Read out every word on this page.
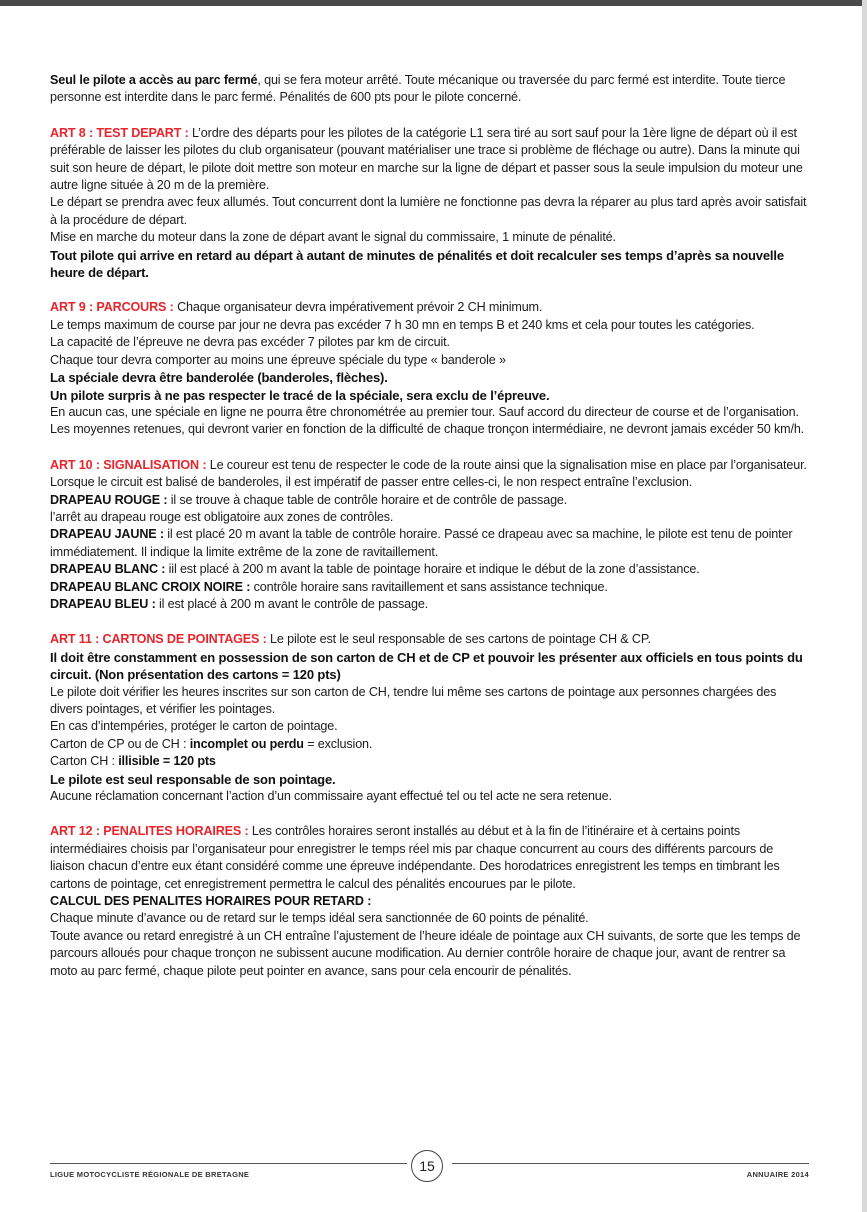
Seul le pilote a accès au parc fermé, qui se fera moteur arrêté. Toute mécanique ou traversée du parc fermé est interdite. Toute tierce personne est interdite dans le parc fermé. Pénalités de 600 pts pour le pilote concerné.

ART 8 : TEST DEPART : L’ordre des départs pour les pilotes de la catégorie L1 sera tiré au sort sauf pour la 1ère ligne de départ où il est préférable de laisser les pilotes du club organisateur (pouvant matérialiser une trace si problème de fléchage ou autre). Dans la minute qui suit son heure de départ, le pilote doit mettre son moteur en marche sur la ligne de départ et passer sous la seule impulsion du moteur une autre ligne située à 20 m de la première.

Le départ se prendra avec feux allumés. Tout concurrent dont la lumière ne fonctionne pas devra la réparer au plus tard après avoir satisfait à la procédure de départ.

Mise en marche du moteur dans la zone de départ avant le signal du commissaire, 1 minute de pénalité.

Tout pilote qui arrive en retard au départ à autant de minutes de pénalités et doit recalculer ses temps d’après sa nouvelle heure de départ.

ART 9 : PARCOURS : Chaque organisateur devra impérativement prévoir 2 CH minimum.

Le temps maximum de course par jour ne devra pas excéder 7 h 30 mn en temps B et 240 kms et cela pour toutes les catégories.

La capacité de l’épreuve ne devra pas excéder 7 pilotes par km de circuit.

Chaque tour devra comporter au moins une épreuve spéciale du type « banderole »

La spéciale devra être banderolée (banderoles, flèches).

Un pilote surpris à ne pas respecter le tracé de la spéciale, sera exclu de l’épreuve.

En aucun cas, une spéciale en ligne ne pourra être chronométrée au premier tour. Sauf accord du directeur de course et de l’organisation.

Les moyennes retenues, qui devront varier en fonction de la difficulté de chaque tronçon intermédiaire, ne devront jamais excéder 50 km/h.

ART 10 : SIGNALISATION : Le coureur est tenu de respecter le code de la route ainsi que la signalisation mise en place par l’organisateur. Lorsque le circuit est balisé de banderoles, il est impératif de passer entre celles-ci, le non respect entraîne l’exclusion.

DRAPEAU ROUGE : il se trouve à chaque table de contrôle horaire et de contrôle de passage.

l’arrêt au drapeau rouge est obligatoire aux zones de contrôles.

DRAPEAU JAUNE : il est placé 20 m avant la table de contrôle horaire. Passé ce drapeau avec sa machine, le pilote est tenu de pointer immédiatement. Il indique la limite extrême de la zone de ravitaillement.

DRAPEAU BLANC : iil est placé à 200 m avant la table de pointage horaire et indique le début de la zone d’assistance.

DRAPEAU BLANC CROIX NOIRE : contrôle horaire sans ravitaillement et sans assistance technique.

DRAPEAU BLEU : il est placé à 200 m avant le contrôle de passage.

ART 11 : CARTONS DE POINTAGES : Le pilote est le seul responsable de ses cartons de pointage CH & CP.

Il doit être constamment en possession de son carton de CH et de CP et pouvoir les présenter aux officiels en tous points du circuit. (Non présentation des cartons = 120 pts)

Le pilote doit vérifier les heures inscrites sur son carton de CH, tendre lui même ses cartons de pointage aux personnes chargées des divers pointages, et vérifier les pointages.

En cas d’intempéries, protéger le carton de pointage.

Carton de CP ou de CH : incomplet ou perdu = exclusion.

Carton CH : illisible = 120 pts

Le pilote est seul responsable de son pointage.

Aucune réclamation concernant l’action d’un commissaire ayant effectué tel ou tel acte ne sera retenue.

ART 12 : PENALITES HORAIRES : Les contrôles horaires seront installés au début et à la fin de l’itinéraire et à certains points intermédiaires choisis par l’organisateur pour enregistrer le temps réel mis par chaque concurrent au cours des différents parcours de liaison chacun d’entre eux étant considéré comme une épreuve indépendante. Des horodatrices enregistrent les temps en timbrant les cartons de pointage, cet enregistrement permettra le calcul des pénalités encourues par le pilote.

CALCUL DES PENALITES HORAIRES POUR RETARD :

Chaque minute d’avance ou de retard sur le temps idéal sera sanctionnée de 60 points de pénalité.

Toute avance ou retard enregistré à un CH entraîne l’ajustement de l’heure idéale de pointage aux CH suivants, de sorte que les temps de parcours alloués pour chaque tronçon ne subissent aucune modification. Au dernier contrôle horaire de chaque jour, avant de rentrer sa moto au parc fermé, chaque pilote peut pointer en avance, sans pour cela encourir de pénalités.

LIGUE MOTOCYCLISTE RÉGIONALE DE BRETAGNE	ANNUAIRE 2014
15
